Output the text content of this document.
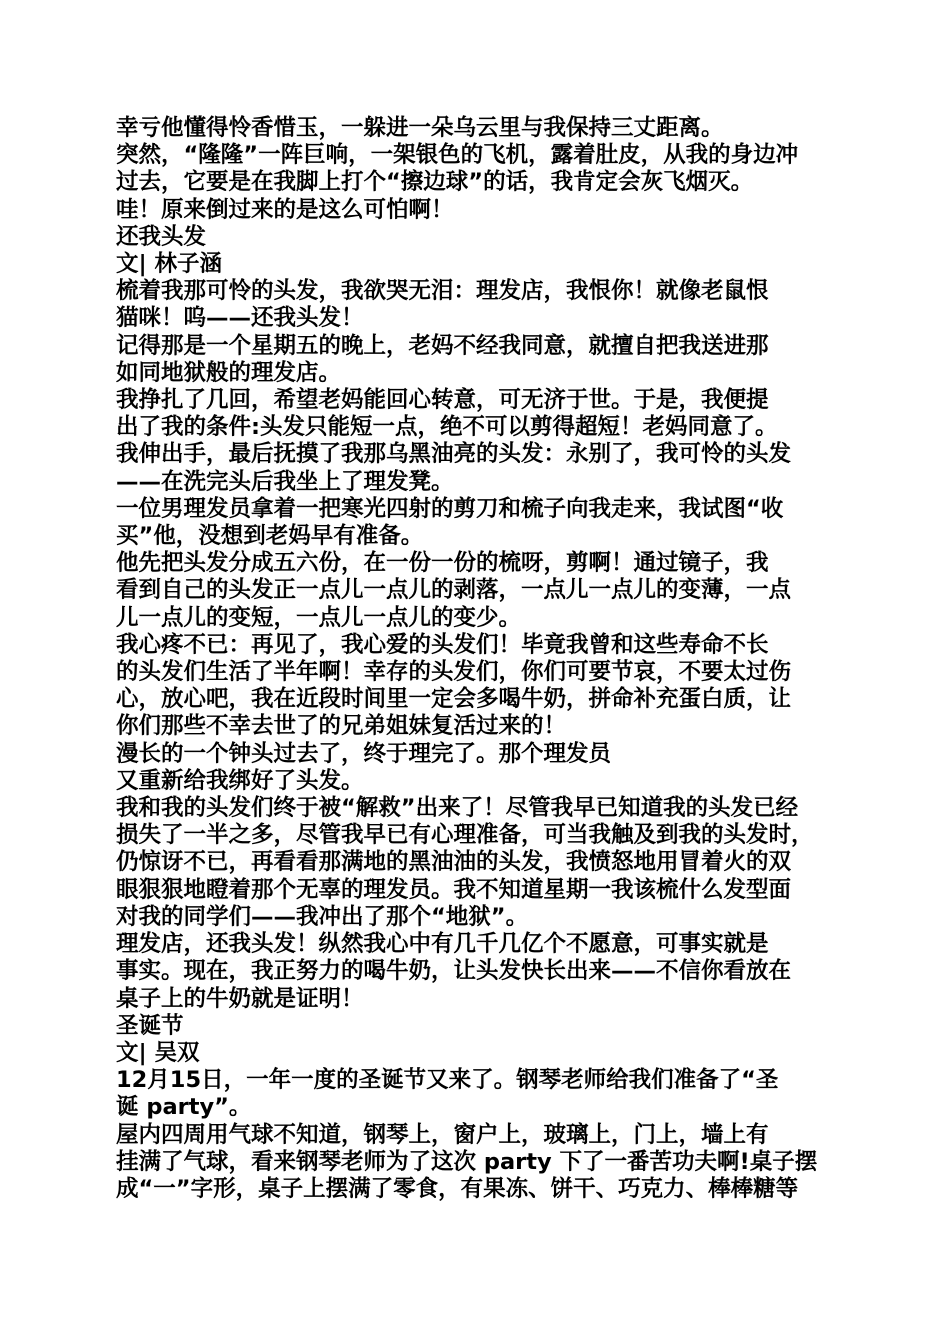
幸亏他懂得怜香惜玉，一躲进一朵乌云里与我保持三丈距离。
突然，“隆隆”一阵巨响，一架银色的飞机，露着肚皮，从我的身边冲
过去，它要是在我脚上打个“擦边球”的话，我肯定会灰飞烟灭。
哇！原来倒过来的是这么可怕啊！
还我头发
文| 林子涵
梳着我那可怜的头发，我欲哭无泪：理发店，我恨你！就像老鼠恨
猫咪！呜——还我头发！
记得那是一个星期五的晚上，老妈不经我同意，就擅自把我送进那
如同地狱般的理发店。
我挣扎了几回，希望老妈能回心转意，可无济于世。于是，我便提
出了我的条件:头发只能短一点，绝不可以剪得超短！老妈同意了。
我伸出手，最后抚摸了我那乌黑油亮的头发：永别了，我可怜的头发
——在洗完头后我坐上了理发凳。
一位男理发员拿着一把寒光四射的剪刀和梳子向我走来，我试图“收
买”他，没想到老妈早有准备。
他先把头发分成五六份，在一份一份的梳呀，剪啊！通过镜子，我
看到自己的头发正一点儿一点儿的剥落，一点儿一点儿的变薄，一点
儿一点儿的变短，一点儿一点儿的变少。
我心疼不已：再见了，我心爱的头发们！毕竟我曾和这些寿命不长
的头发们生活了半年啊！幸存的头发们，你们可要节哀，不要太过伤
心，放心吧，我在近段时间里一定会多喝牛奶，拼命补充蛋白质，让
你们那些不幸去世了的兄弟姐妹复活过来的！
漫长的一个钟头过去了，终于理完了。那个理发员
又重新给我绑好了头发。
我和我的头发们终于被“解救”出来了！尽管我早已知道我的头发已经
损失了一半之多，尽管我早已有心理准备，可当我触及到我的头发时，
仍惊讶不已，再看看那满地的黑油油的头发，我愤怒地用冒着火的双
眼狠狠地瞪着那个无辜的理发员。我不知道星期一我该梳什么发型面
对我的同学们——我冲出了那个“地狱”。
理发店，还我头发！纵然我心中有几千几亿个不愿意，可事实就是
事实。现在，我正努力的喝牛奶，让头发快长出来——不信你看放在
桌子上的牛奶就是证明！
圣诞节
文| 吴双
12月15日，一年一度的圣诞节又来了。钢琴老师给我们准备了“圣
诞 party”。
屋内四周用气球不知道，钢琴上，窗户上，玻璃上，门上，墙上有
挂满了气球，看来钢琴老师为了这次 party 下了一番苦功夫啊!桌子摆
成“一”字形，桌子上摆满了零食，有果冻、饼干、巧克力、棒棒糖等
